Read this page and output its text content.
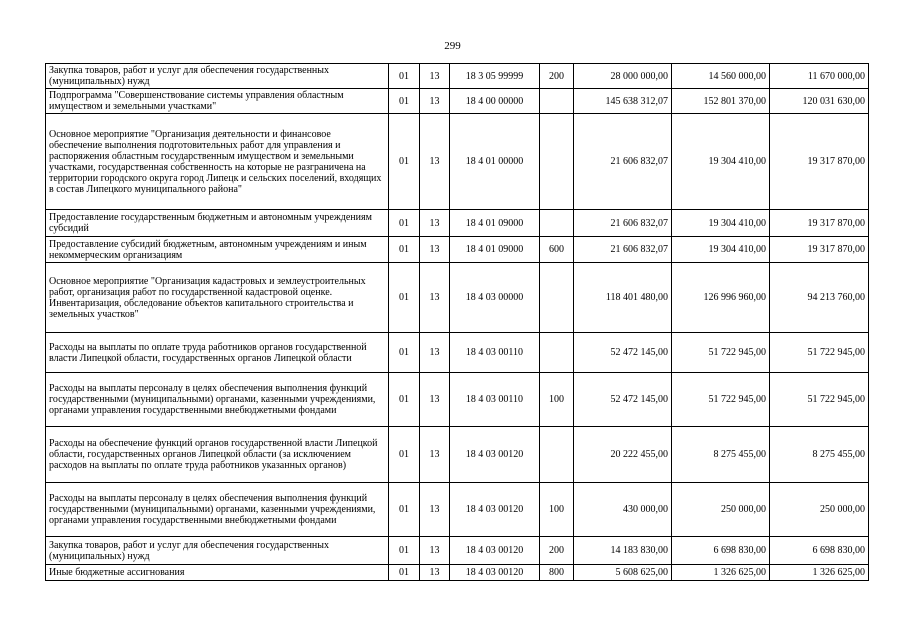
299
Закупка товаров, работ и услуг для обеспечения государственных (муниципальных) нужд	01	13	18 3 05 99999	200	28 000 000,00	14 560 000,00	11 670 000,00
Подпрограмма "Совершенствование системы управления областным имуществом и земельными участками"	01	13	18 4 00 00000		145 638 312,07	152 801 370,00	120 031 630,00
Основное мероприятие "Организация деятельности и финансовое обеспечение выполнения подготовительных работ для управления и распоряжения областным государственным имуществом и земельными участками, государственная собственность на которые не разграничена на территории городского округа город Липецк и сельских поселений, входящих в состав Липецкого муниципального района"	01	13	18 4 01 00000		21 606 832,07	19 304 410,00	19 317 870,00
Предоставление государственным бюджетным и автономным учреждениям субсидий	01	13	18 4 01 09000		21 606 832,07	19 304 410,00	19 317 870,00
Предоставление субсидий бюджетным, автономным учреждениям и иным некоммерческим организациям	01	13	18 4 01 09000	600	21 606 832,07	19 304 410,00	19 317 870,00
Основное мероприятие "Организация кадастровых и землеустроительных работ, организация работ по государственной кадастровой оценке. Инвентаризация, обследование объектов капитального строительства и земельных участков"	01	13	18 4 03 00000		118 401 480,00	126 996 960,00	94 213 760,00
Расходы на выплаты по оплате труда работников органов государственной власти Липецкой области, государственных органов Липецкой области	01	13	18 4 03 00110		52 472 145,00	51 722 945,00	51 722 945,00
Расходы на выплаты персоналу в целях обеспечения выполнения функций государственными (муниципальными) органами, казенными учреждениями, органами управления государственными внебюджетными фондами	01	13	18 4 03 00110	100	52 472 145,00	51 722 945,00	51 722 945,00
Расходы на обеспечение функций органов государственной власти Липецкой области, государственных органов Липецкой области (за исключением расходов на выплаты по оплате труда работников указанных органов)	01	13	18 4 03 00120		20 222 455,00	8 275 455,00	8 275 455,00
Расходы на выплаты персоналу в целях обеспечения выполнения функций государственными (муниципальными) органами, казенными учреждениями, органами управления государственными внебюджетными фондами	01	13	18 4 03 00120	100	430 000,00	250 000,00	250 000,00
Закупка товаров, работ и услуг для обеспечения государственных (муниципальных) нужд	01	13	18 4 03 00120	200	14 183 830,00	6 698 830,00	6 698 830,00
Иные бюджетные ассигнования	01	13	18 4 03 00120	800	5 608 625,00	1 326 625,00	1 326 625,00
